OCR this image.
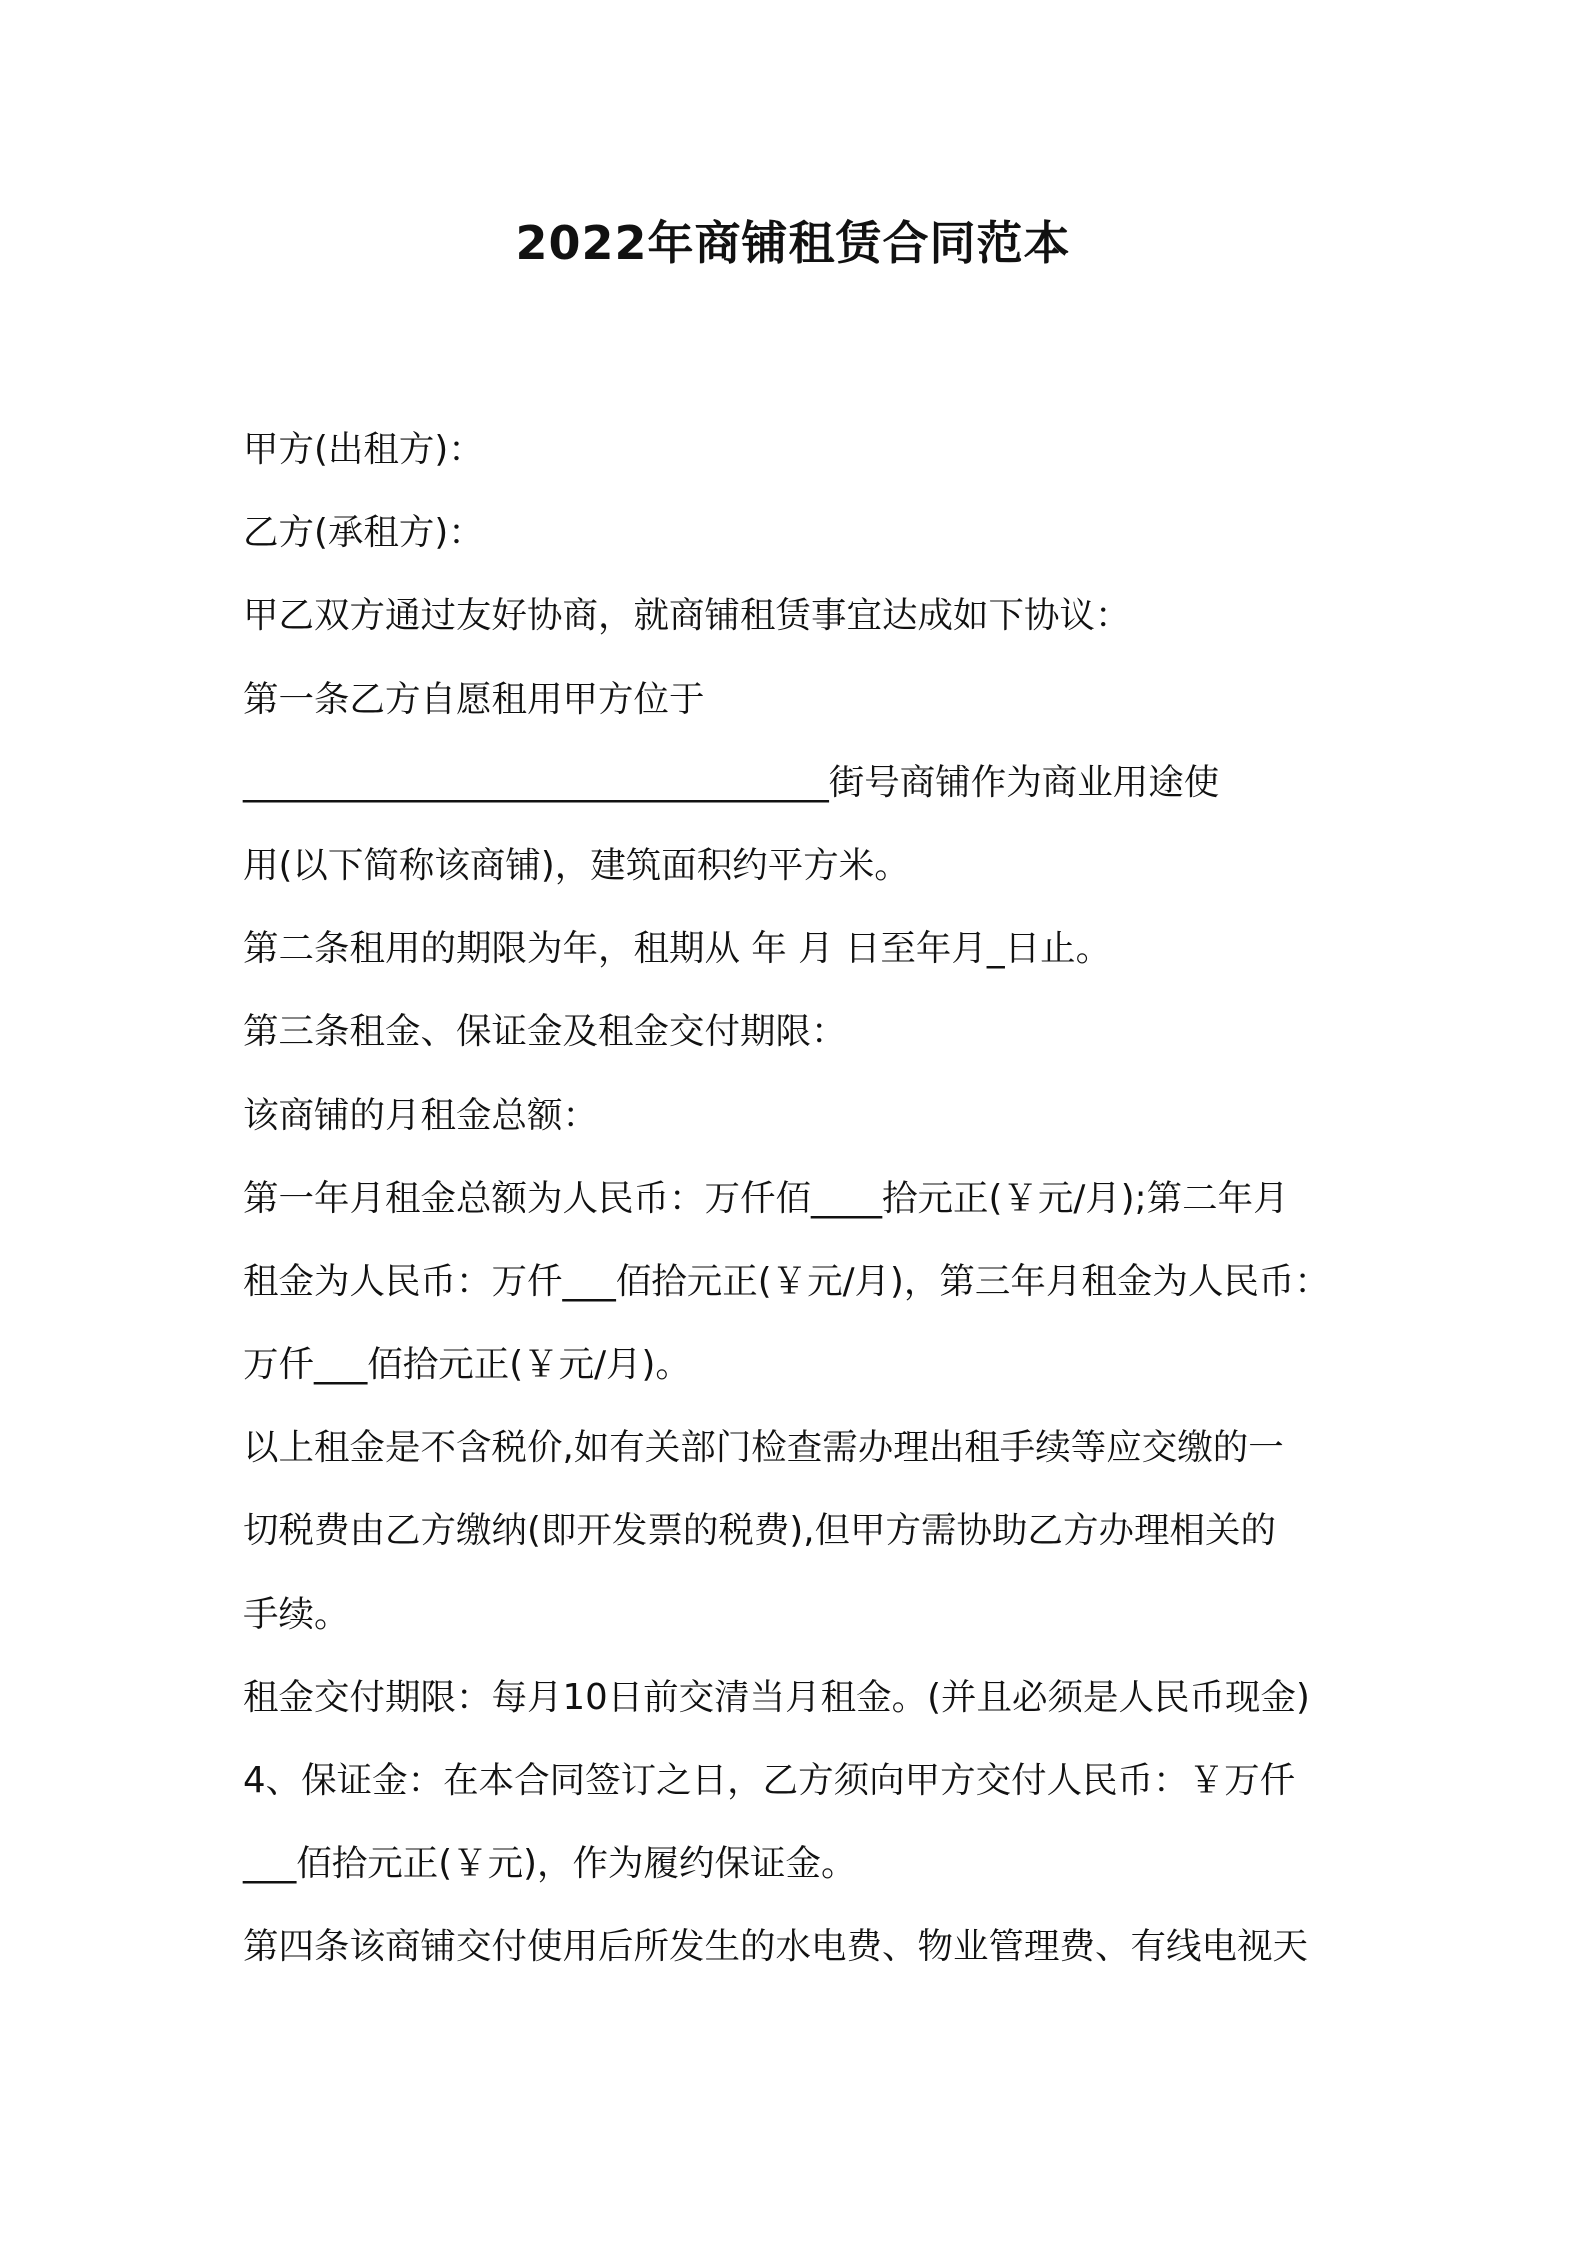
2022年商铺租赁合同范本
甲方(出租方)：
乙方(承租方)：
甲乙双方通过友好协商，就商铺租赁事宜达成如下协议：
第一条乙方自愿租用甲方位于
_________________________________街号商铺作为商业用途使
用(以下简称该商铺)，建筑面积约平方米。
第二条租用的期限为年，租期从 年 月 日至年月_日止。
第三条租金、保证金及租金交付期限：
该商铺的月租金总额：
第一年月租金总额为人民币：万仟佰____拾元正(￥元/月);第二年月
租金为人民币：万仟___佰拾元正(￥元/月)，第三年月租金为人民币：
万仟___佰拾元正(￥元/月)。
以上租金是不含税价,如有关部门检查需办理出租手续等应交缴的一
切税费由乙方缴纳(即开发票的税费),但甲方需协助乙方办理相关的
手续。
租金交付期限：每月10日前交清当月租金。(并且必须是人民币现金)
4、保证金：在本合同签订之日，乙方须向甲方交付人民币：￥万仟
___佰拾元正(￥元)，作为履约保证金。
第四条该商铺交付使用后所发生的水电费、物业管理费、有线电视天
